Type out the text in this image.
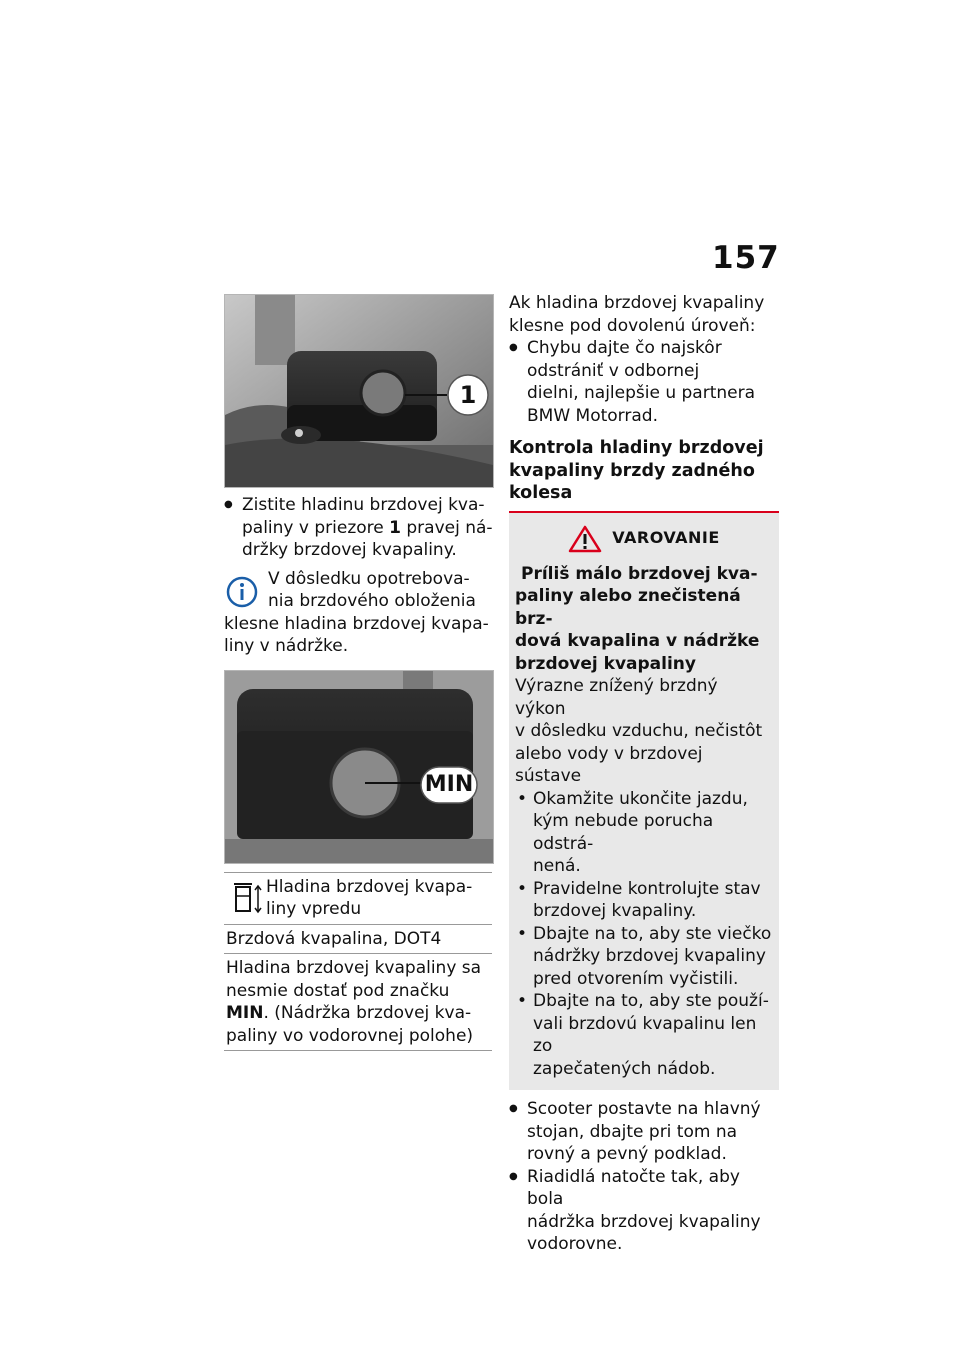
157
1
● Zistite hladinu brzdovej kva-
paliny v priezore 1 pravej ná-
držky brzdovej kvapaliny.
V dôsledku opotrebova-
nia brzdového obloženia
klesne hladina brzdovej kvapa-
liny v nádržke.
MIN
Hladina brzdovej kvapa-
liny vpredu
Brzdová kvapalina, DOT4
Hladina brzdovej kvapaliny sa
nesmie dostať pod značku
MIN. (Nádržka brzdovej kva-
paliny vo vodorovnej polohe)
Ak hladina brzdovej kvapaliny
klesne pod dovolenú úroveň:
● Chybu dajte čo najskôr
odstrániť v odbornej
dielni, najlepšie u partnera
BMW Motorrad.
Kontrola hladiny brzdovej
kvapaliny brzdy zadného
kolesa
VAROVANIE
Príliš málo brzdovej kva-
paliny alebo znečistená brz-
dová kvapalina v nádržke
brzdovej kvapaliny
Výrazne znížený brzdný výkon
v dôsledku vzduchu, nečistôt
alebo vody v brzdovej sústave
• Okamžite ukončite jazdu,
kým nebude porucha odstrá-
nená.
• Pravidelne kontrolujte stav
brzdovej kvapaliny.
• Dbajte na to, aby ste viečko
nádržky brzdovej kvapaliny
pred otvorením vyčistili.
• Dbajte na to, aby ste použí-
vali brzdovú kvapalinu len zo
zapečatených nádob.
● Scooter postavte na hlavný
stojan, dbajte pri tom na
rovný a pevný podklad.
● Riadidlá natočte tak, aby bola
nádržka brzdovej kvapaliny
vodorovne.
